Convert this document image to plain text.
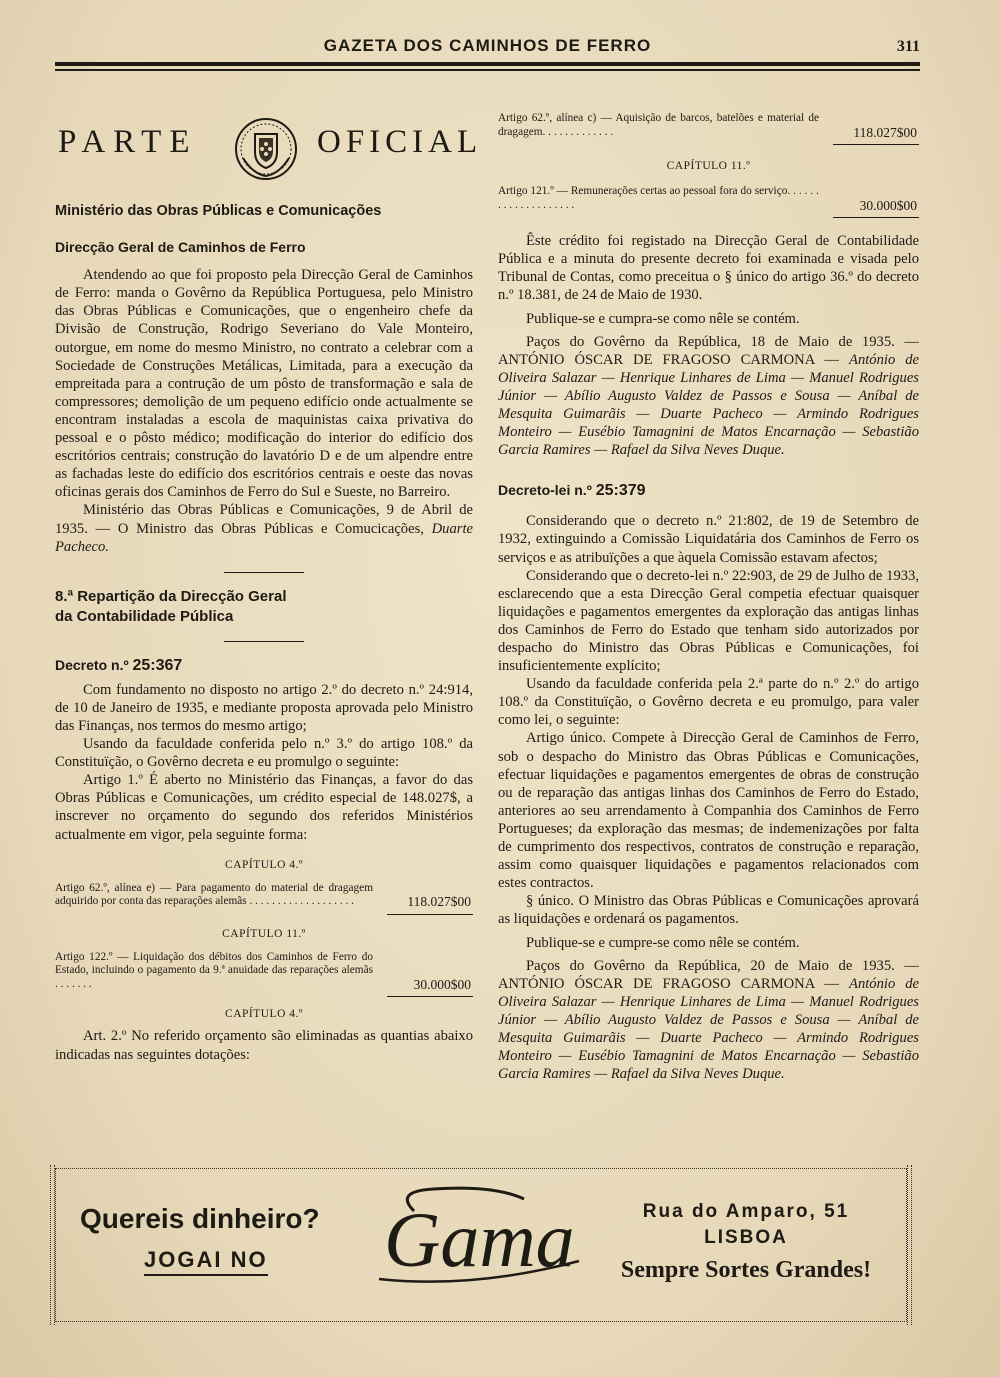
GAZETA DOS CAMINHOS DE FERRO	311
PARTE	OFICIAL

Ministério das Obras Públicas e Comunicações

Direcção Geral de Caminhos de Ferro

Atendendo ao que foi proposto pela Direcção Geral de Caminhos de Ferro: manda o Govêrno da República Portuguesa, pelo Ministro das Obras Públicas e Comunicações, que o engenheiro chefe da Divisão de Construção, Rodrigo Severiano do Vale Monteiro, outorgue, em nome do mesmo Ministro, no contrato a celebrar com a Sociedade de Construções Metálicas, Limitada, para a execução da empreitada para a contrução de um pôsto de transformação e sala de compressores; demolição de um pequeno edifício onde actualmente se encontram instaladas a escola de maquinistas caixa privativa do pessoal e o pôsto médico; modificação do interior do edifício dos escritórios centrais; construção do lavatório D e de um alpendre entre as fachadas leste do edifício dos escritórios centrais e oeste das novas oficinas gerais dos Caminhos de Ferro do Sul e Sueste, no Barreiro.

Ministério das Obras Públicas e Comunicações, 9 de Abril de 1935. — O Ministro das Obras Públicas e Comucicações, Duarte Pacheco.

8.ª Repartição da Direcção Geral

da Contabilidade Pública

Decreto n.º 25:367

Com fundamento no disposto no artigo 2.º do decreto n.º 24:914, de 10 de Janeiro de 1935, e mediante proposta aprovada pelo Ministro das Finanças, nos termos do mesmo artigo;

Usando da faculdade conferida pelo n.º 3.º do artigo 108.º da Constituïção, o Govêrno decreta e eu promulgo o seguinte:

Artigo 1.º É aberto no Ministério das Finanças, a favor do das Obras Públicas e Comunicações, um crédito especial de 148.027$, a inscrever no orçamento do segundo dos referidos Ministérios actualmente em vigor, pela seguinte forma:

CAPÍTULO 4.º

Artigo 62.º, alínea e) — Para pagamento do material de dragagem adquirido por conta das reparações alemãs . . . . . . . . . . . . . . . . . . .	118.027$00

CAPÍTULO 11.º

Artigo 122.º — Liquidação dos débitos dos Caminhos de Ferro do Estado, incluindo o pagamento da 9.ª anuidade das reparações alemãs . . . . . . .	30.000$00

CAPÍTULO 4.º

Art. 2.º No referido orçamento são eliminadas as quantias abaixo indicadas nas seguintes dotações:

Artigo 62.º, alínea c) — Aquisição de barcos, batelões e material de dragagem. . . . . . . . . . . . .	118.027$00

CAPÍTULO 11.º

Artigo 121.º — Remunerações certas ao pessoal fora do serviço. . . . . . . . . . . . . . . . . . . .	30.000$00

Êste crédito foi registado na Direcção Geral de Contabilidade Pública e a minuta do presente decreto foi examinada e visada pelo Tribunal de Contas, como preceitua o § único do artigo 36.º do decreto n.º 18.381, de 24 de Maio de 1930.

Publique-se e cumpra-se como nêle se contém.

Paços do Govêrno da República, 18 de Maio de 1935. — ANTÓNIO ÓSCAR DE FRAGOSO CARMONA — António de Oliveira Salazar — Henrique Linhares de Lima — Manuel Rodrigues Júnior — Abílio Augusto Valdez de Passos e Sousa — Aníbal de Mesquita Guimarãis — Duarte Pacheco — Armindo Rodrigues Monteiro — Eusébio Tamagnini de Matos Encarnação — Sebastião Garcia Ramires — Rafael da Silva Neves Duque.

Decreto-lei n.º 25:379

Considerando que o decreto n.º 21:802, de 19 de Setembro de 1932, extinguindo a Comissão Liquidatária dos Caminhos de Ferro os serviços e as atribuïções a que àquela Comissão estavam afectos;

Considerando que o decreto-lei n.º 22:903, de 29 de Julho de 1933, esclarecendo que a esta Direcção Geral competia efectuar quaisquer liquidações e pagamentos emergentes da exploração das antigas linhas dos Caminhos de Ferro do Estado que tenham sido autorizados por despacho do Ministro das Obras Públicas e Comunicações, foi insuficientemente explícito;

Usando da faculdade conferida pela 2.ª parte do n.º 2.º do artigo 108.º da Constituïção, o Govêrno decreta e eu promulgo, para valer como lei, o seguinte:

Artigo único. Compete à Direcção Geral de Caminhos de Ferro, sob o despacho do Ministro das Obras Públicas e Comunicações, efectuar liquidações e pagamentos emergentes de obras de construção ou de reparação das antigas linhas dos Caminhos de Ferro do Estado, anteriores ao seu arrendamento à Companhia dos Caminhos de Ferro Portugueses; da exploração das mesmas; de indemenizações por falta de cumprimento dos respectivos, contratos de construção e reparação, assim como quaisquer liquidações e pagamentos relacionados com estes contractos.

§ único. O Ministro das Obras Públicas e Comunicações aprovará as liquidações e ordenará os pagamentos.

Publique-se e cumpre-se como nêle se contém.

Paços do Govêrno da República, 20 de Maio de 1935. — ANTÓNIO ÓSCAR DE FRAGOSO CARMONA — António de Oliveira Salazar — Henrique Linhares de Lima — Manuel Rodrigues Júnior — Abílio Augusto Valdez de Passos e Sousa — Aníbal de Mesquita Guimarãis — Duarte Pacheco — Armindo Rodrigues Monteiro — Eusébio Tamagnini de Matos Encarnação — Sebastião Garcia Ramires — Rafael da Silva Neves Duque.

Quereis dinheiro?
JOGAI NO Gama	Rua do Amparo, 51
LISBOA
Sempre Sortes Grandes!
